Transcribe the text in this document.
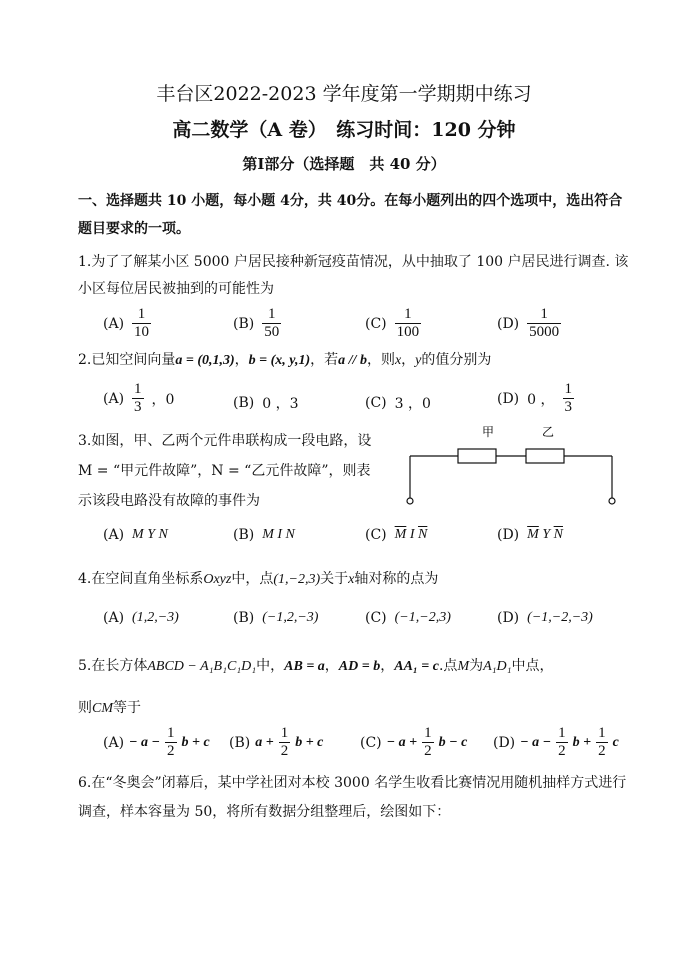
丰台区2022-2023 学年度第一学期期中练习
高二数学（A 卷）　练习时间：120 分钟
第Ⅰ部分（选择题　共 40 分）
一、选择题共 10 小题，每小题 4分，共 40分。在每小题列出的四个选项中，选出符合
题目要求的一项。
1.为了了解某小区 5000 户居民接种新冠疫苗情况，从中抽取了 100 户居民进行调查. 该
小区每位居民被抽到的可能性为
$(A) \frac{1}{10}$	$(B) \frac{1}{50}$	$(C) \frac{1}{100}$	$(D) \frac{1}{5000}$
2.已知空间向量a = (0,1,3)，b = (x, y,1)，若a // b，则x，y的值分别为
$(A) \frac{1}{3}$ ，0	(B) 0 ，3	(C) 3 ，0	(D) 0 ， $\frac{1}{3}$
3.如图，甲、乙两个元件串联构成一段电路，设
M = “甲元件故障”，N = “乙元件故障”，则表
示该段电路没有故障的事件为
甲	乙
(A) M Y N	(B) M I N	(C) $\overline{M}$ I $\overline{N}$	(D) $\overline{M}$ Y $\overline{N}$
4.在空间直角坐标系Oxyz中，点(1,−2,3)关于x轴对称的点为
(A) (1,2,−3)	(B) (−1,2,−3)	(C) (−1,−2,3)	(D) (−1,−2,−3)
5.在长方体ABCD − A₁B₁C₁D₁中，AB = a，AD = b，AA₁ = c.点M为A₁D₁中点，
则CM等于
$(A) - a - \frac{1}{2}$ b + c (B) $a + \frac{1}{2}$ b + c	$(C) - a + \frac{1}{2}$ b − c $(D) - a - \frac{1}{2}$ $b + \frac{1}{2}$ c
6.在“冬奥会”闭幕后，某中学社团对本校 3000 名学生收看比赛情况用随机抽样方式进行
调查，样本容量为 50，将所有数据分组整理后，绘图如下：
